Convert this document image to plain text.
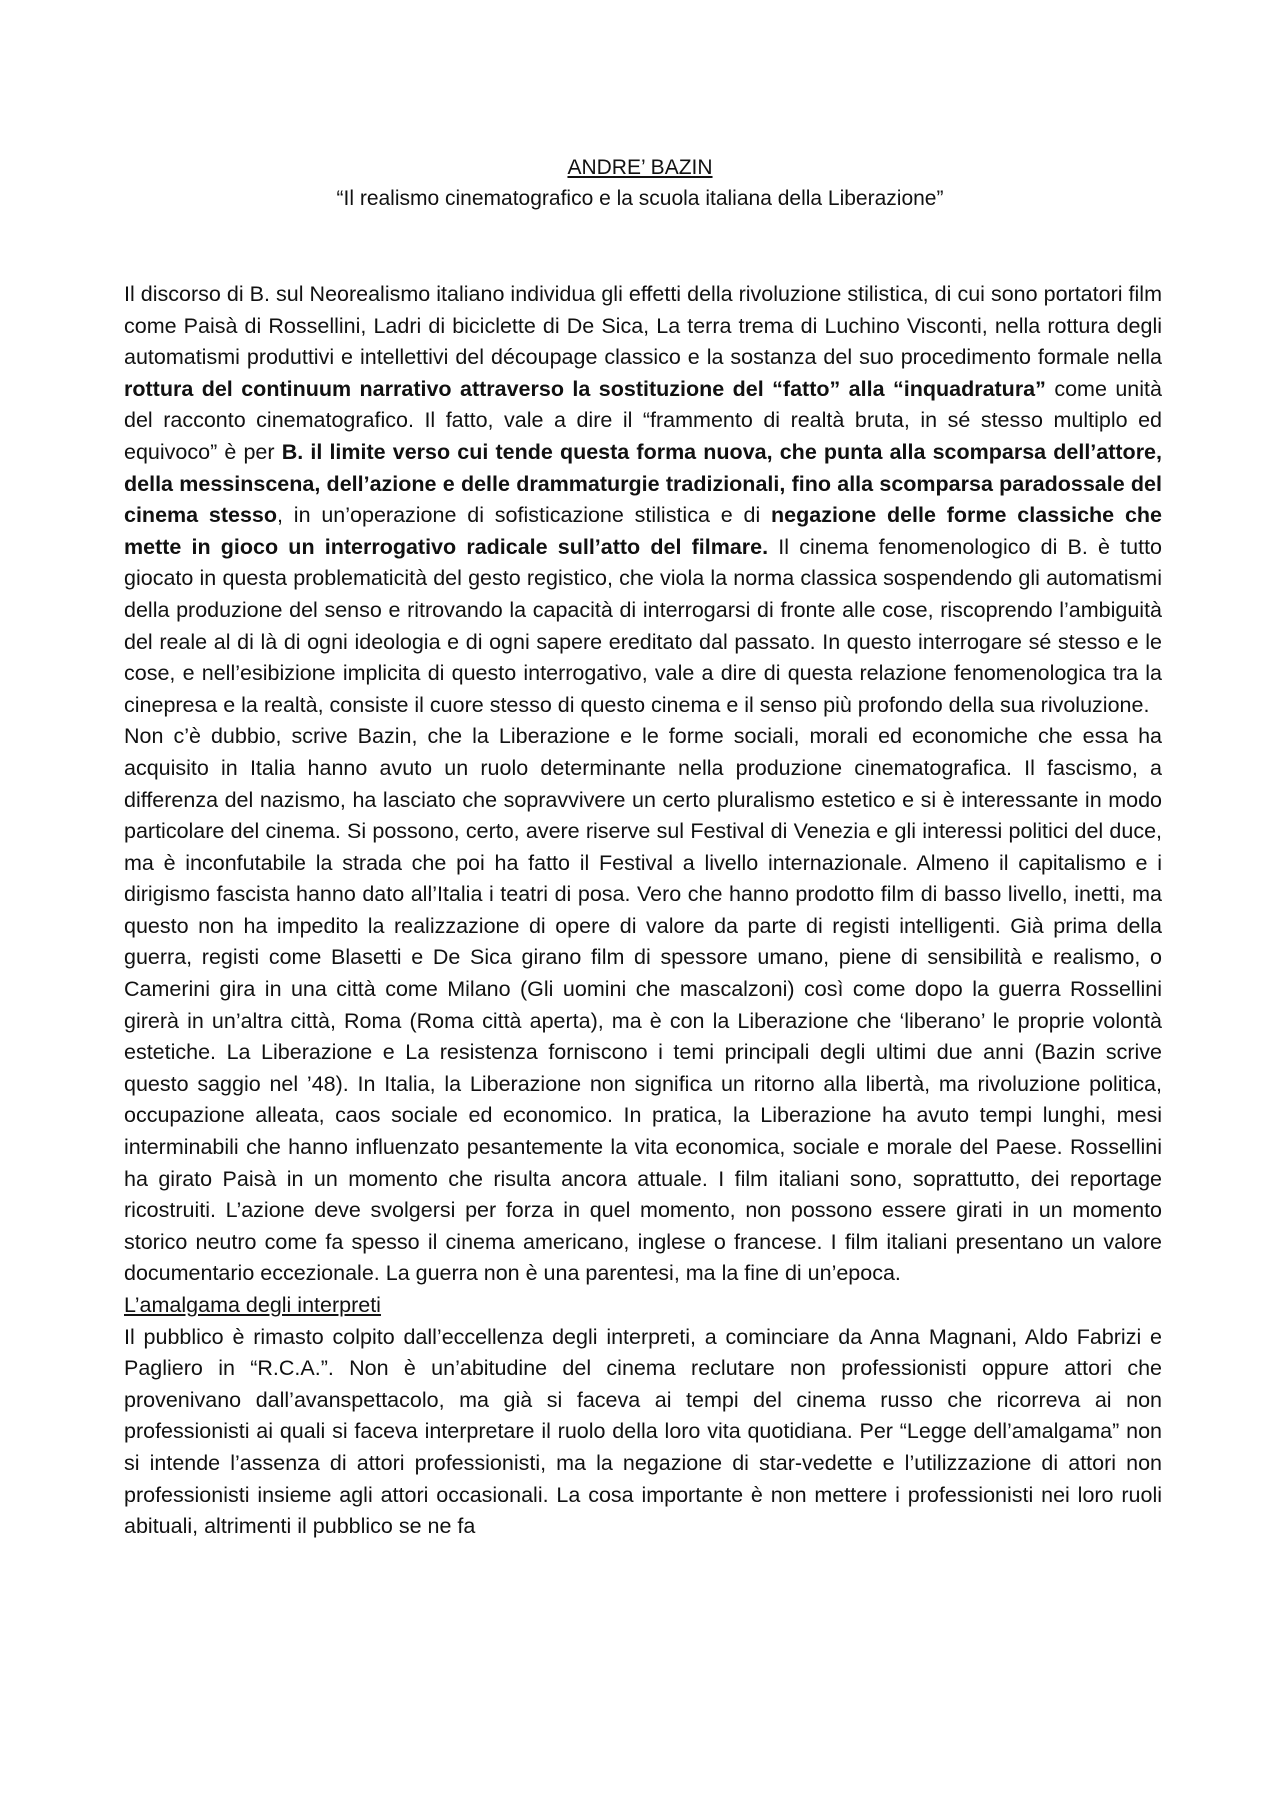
ANDRE’ BAZIN
“Il realismo cinematografico e la scuola italiana della Liberazione”

Il discorso di B. sul Neorealismo italiano individua gli effetti della rivoluzione stilistica, di cui sono portatori film come Paisà di Rossellini, Ladri di biciclette di De Sica, La terra trema di Luchino Visconti, nella rottura degli automatismi produttivi e intellettivi del découpage classico e la sostanza del suo procedimento formale nella rottura del continuum narrativo attraverso la sostituzione del “fatto” alla “inquadratura” come unità del racconto cinematografico. Il fatto, vale a dire il “frammento di realtà bruta, in sé stesso multiplo ed equivoco” è per B. il limite verso cui tende questa forma nuova, che punta alla scomparsa dell’attore, della messinscena, dell’azione e delle drammaturgie tradizionali, fino alla scomparsa paradossale del cinema stesso, in un’operazione di sofisticazione stilistica e di negazione delle forme classiche che mette in gioco un interrogativo radicale sull’atto del filmare. Il cinema fenomenologico di B. è tutto giocato in questa problematicità del gesto registico, che viola la norma classica sospendendo gli automatismi della produzione del senso e ritrovando la capacità di interrogarsi di fronte alle cose, riscoprendo l’ambiguità del reale al di là di ogni ideologia e di ogni sapere ereditato dal passato. In questo interrogare sé stesso e le cose, e nell’esibizione implicita di questo interrogativo, vale a dire di questa relazione fenomenologica tra la cinepresa e la realtà, consiste il cuore stesso di questo cinema e il senso più profondo della sua rivoluzione.

Non c’è dubbio, scrive Bazin, che la Liberazione e le forme sociali, morali ed economiche che essa ha acquisito in Italia hanno avuto un ruolo determinante nella produzione cinematografica. Il fascismo, a differenza del nazismo, ha lasciato che sopravvivere un certo pluralismo estetico e si è interessante in modo particolare del cinema. Si possono, certo, avere riserve sul Festival di Venezia e gli interessi politici del duce, ma è inconfutabile la strada che poi ha fatto il Festival a livello internazionale. Almeno il capitalismo e i dirigismo fascista hanno dato all’Italia i teatri di posa. Vero che hanno prodotto film di basso livello, inetti, ma questo non ha impedito la realizzazione di opere di valore da parte di registi intelligenti. Già prima della guerra, registi come Blasetti e De Sica girano film di spessore umano, piene di sensibilità e realismo, o Camerini gira in una città come Milano (Gli uomini che mascalzoni) così come dopo la guerra Rossellini girerà in un’altra città, Roma (Roma città aperta), ma è con la Liberazione che ‘liberano’ le proprie volontà estetiche. La Liberazione e La resistenza forniscono i temi principali degli ultimi due anni (Bazin scrive questo saggio nel ’48). In Italia, la Liberazione non significa un ritorno alla libertà, ma rivoluzione politica, occupazione alleata, caos sociale ed economico. In pratica, la Liberazione ha avuto tempi lunghi, mesi interminabili che hanno influenzato pesantemente la vita economica, sociale e morale del Paese. Rossellini ha girato Paisà in un momento che risulta ancora attuale. I film italiani sono, soprattutto, dei reportage ricostruiti. L’azione deve svolgersi per forza in quel momento, non possono essere girati in un momento storico neutro come fa spesso il cinema americano, inglese o francese. I film italiani presentano un valore documentario eccezionale. La guerra non è una parentesi, ma la fine di un’epoca.

L’amalgama degli interpreti

Il pubblico è rimasto colpito dall’eccellenza degli interpreti, a cominciare da Anna Magnani, Aldo Fabrizi e Pagliero in “R.C.A.”. Non è un’abitudine del cinema reclutare non professionisti oppure attori che provenivano dall’avanspettacolo, ma già si faceva ai tempi del cinema russo che ricorreva ai non professionisti ai quali si faceva interpretare il ruolo della loro vita quotidiana. Per “Legge dell’amalgama” non si intende l’assenza di attori professionisti, ma la negazione di star-vedette e l’utilizzazione di attori non professionisti insieme agli attori occasionali. La cosa importante è non mettere i professionisti nei loro ruoli abituali, altrimenti il pubblico se ne fa
